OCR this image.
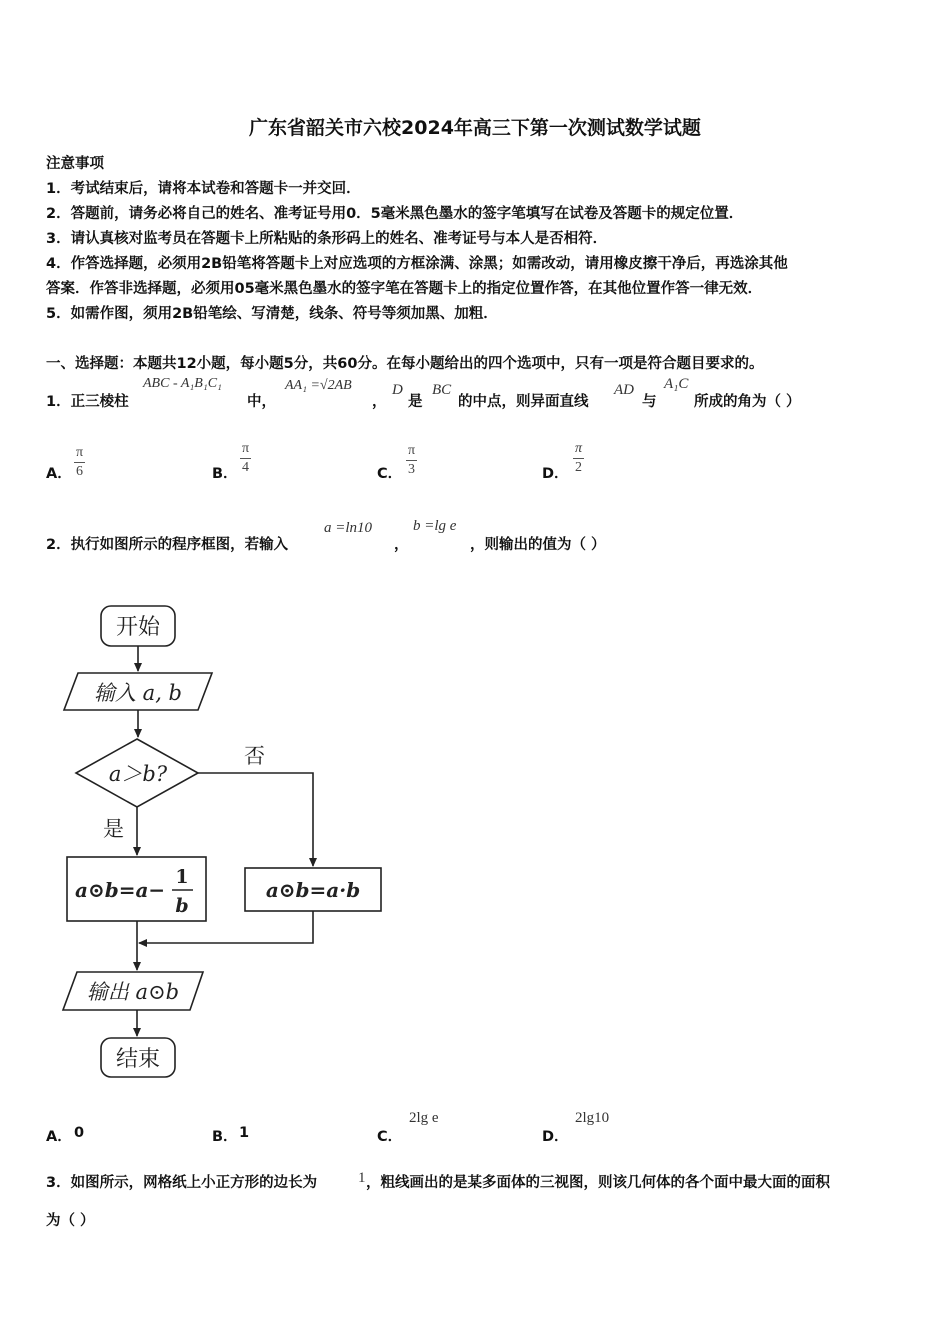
广东省韶关市六校2024年高三下第一次测试数学试题
注意事项
1．考试结束后，请将本试卷和答题卡一并交回．
2．答题前，请务必将自己的姓名、准考证号用0．5毫米黑色墨水的签字笔填写在试卷及答题卡的规定位置．
3．请认真核对监考员在答题卡上所粘贴的条形码上的姓名、准考证号与本人是否相符．
4．作答选择题，必须用2B铅笔将答题卡上对应选项的方框涂满、涂黑；如需改动，请用橡皮擦干净后，再选涂其他
答案．作答非选择题，必须用05毫米黑色墨水的签字笔在答题卡上的指定位置作答，在其他位置作答一律无效．
5．如需作图，须用2B铅笔绘、写清楚，线条、符号等须加黑、加粗．
一、选择题：本题共12小题，每小题5分，共60分。在每小题给出的四个选项中，只有一项是符合题目要求的。
1．正三棱柱
ABC - A₁B₁C₁
中，
AA₁ =√2AB
，
D
是
BC
的中点，则异面直线
AD
与
A₁C
所成的角为（ ）
A． $\frac{\pi}{6}$	B． $\frac{\pi}{4}$	C． $\frac{\pi}{3}$	D． $\frac{\pi}{2}$
2．执行如图所示的程序框图，若输入
a =ln10
，
b =lg e
，则输出的值为（ ）
开始
输入 a, b
a＞b?
否
是
a⊙b=a−
1
b
a⊙b=a·b
输出 a⊙b
结束
A． 0	B． 1	C．
2lg e
D．
2lg10
3．如图所示，网格纸上小正方形的边长为	1 ，粗线画出的是某多面体的三视图，则该几何体的各个面中最大面的面积
为（ ）
